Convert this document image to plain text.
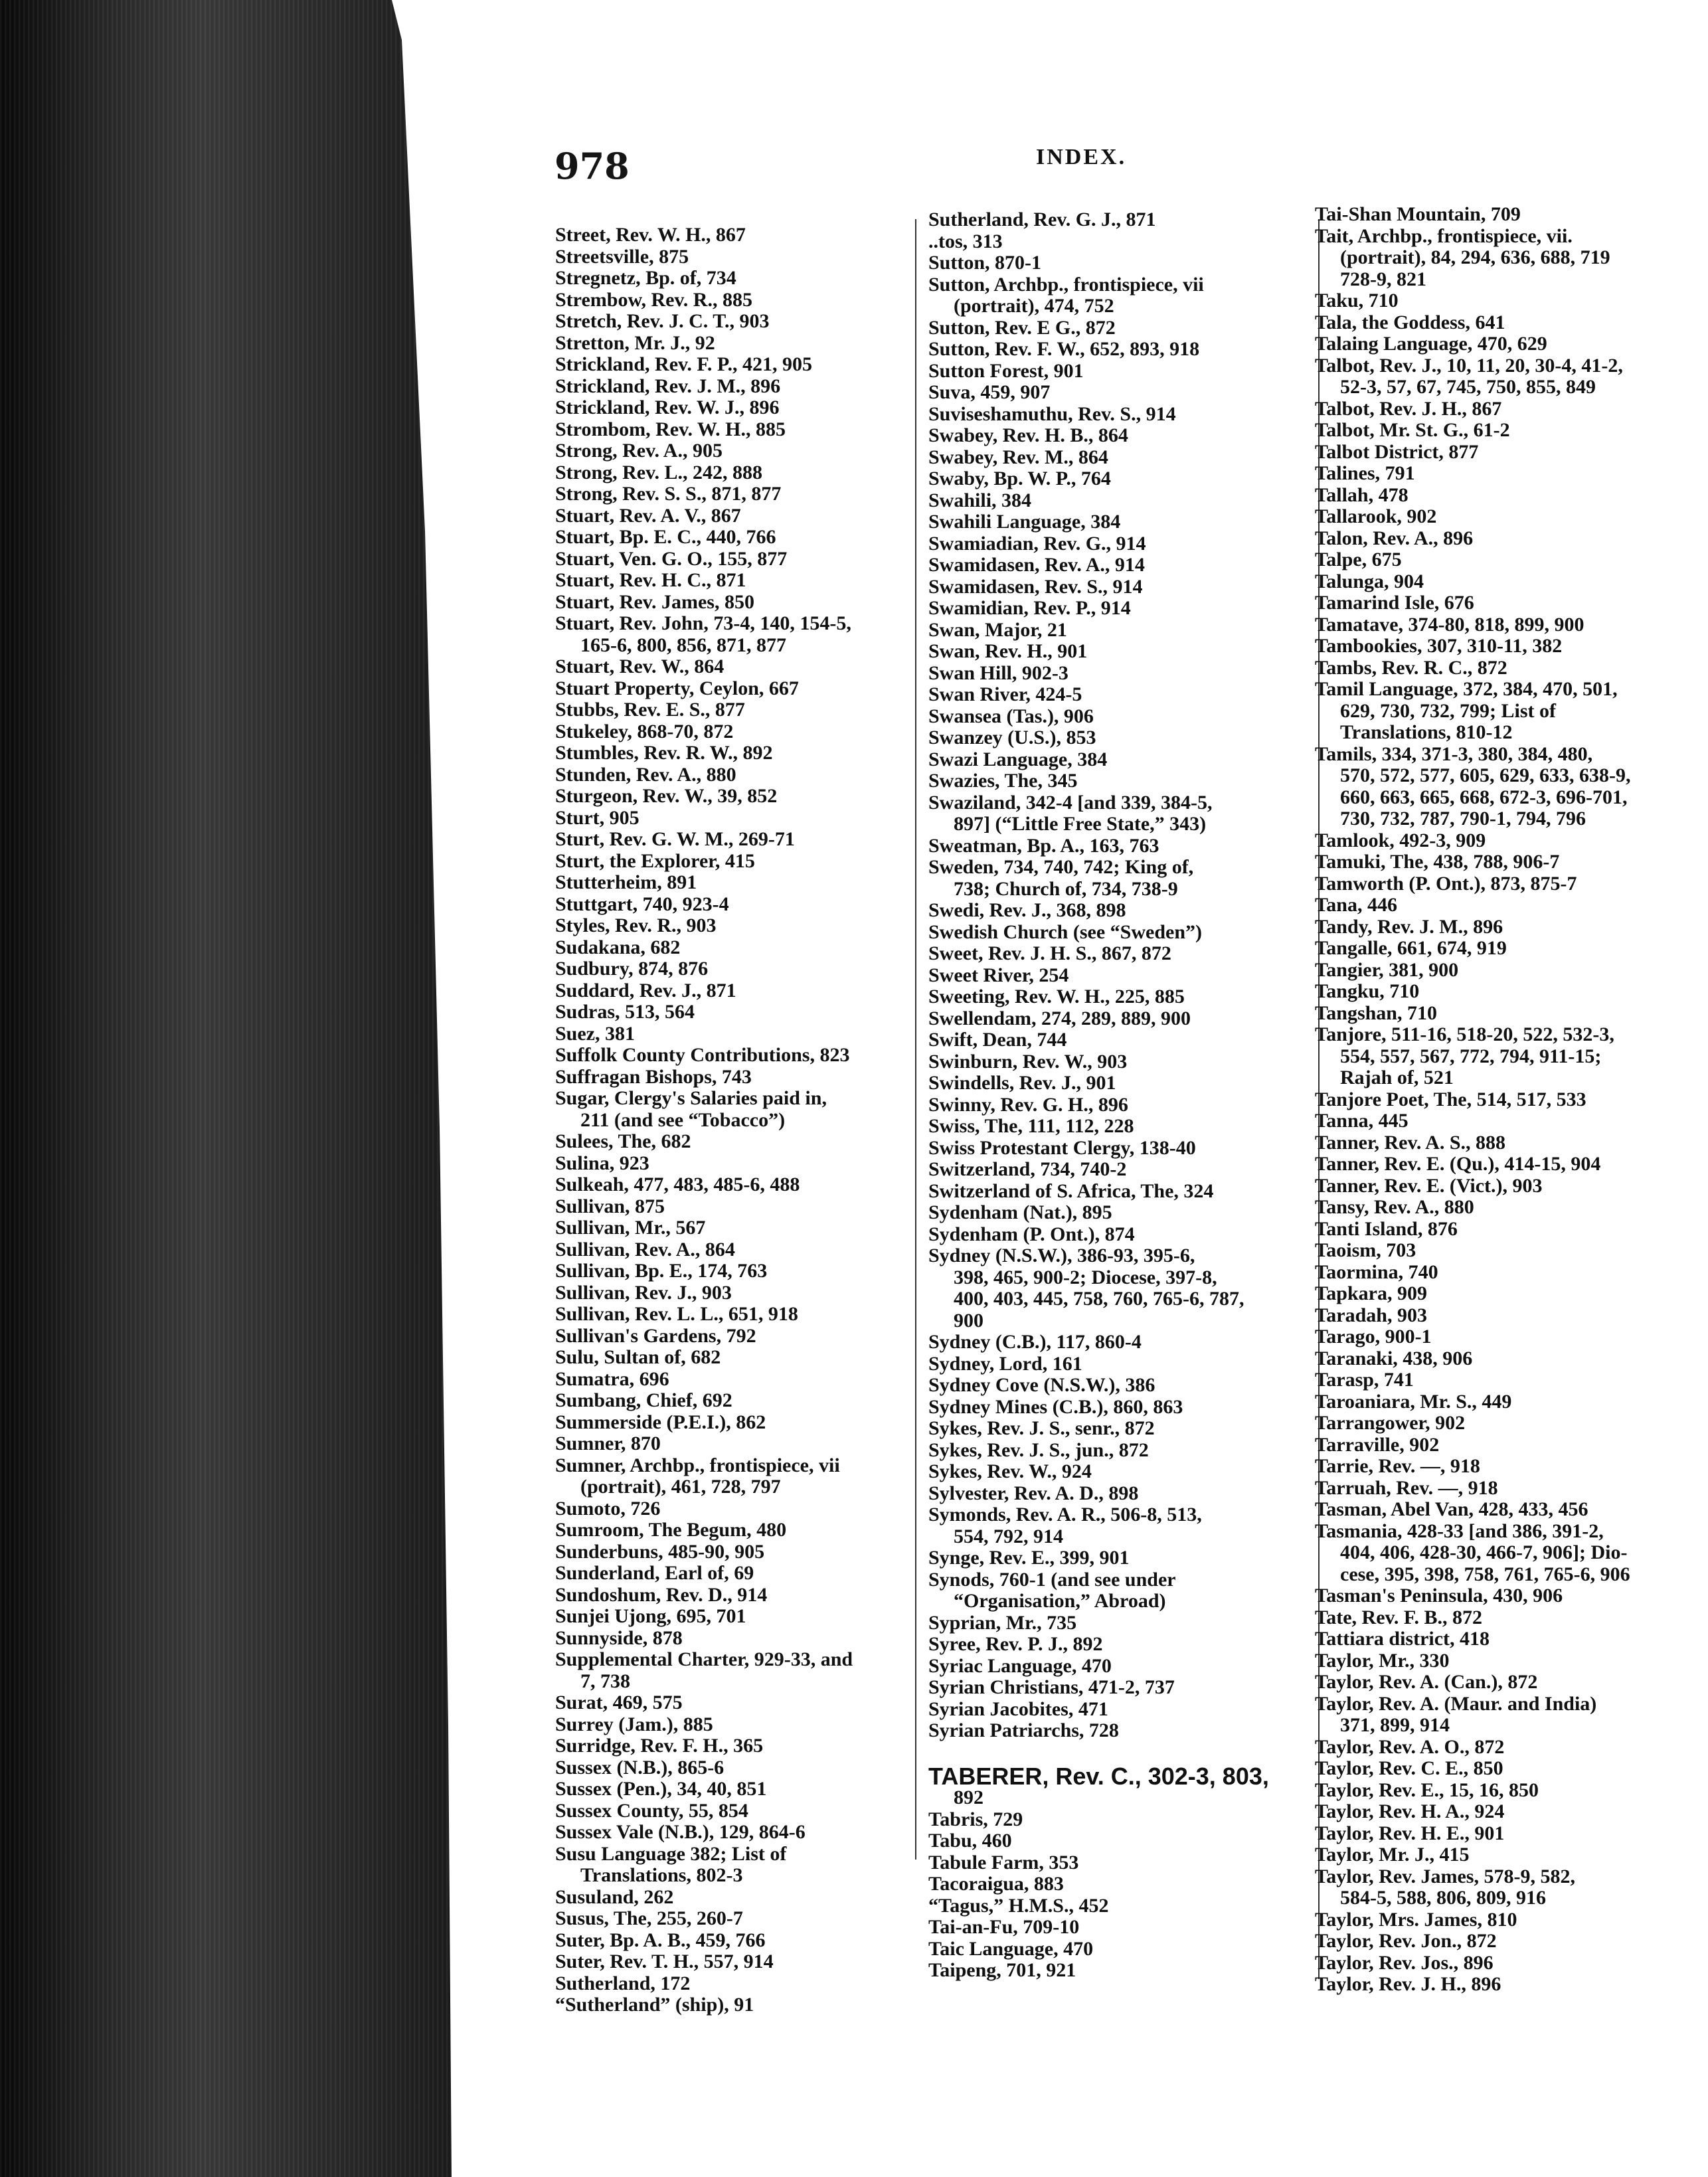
978	INDEX.
Street, Rev. W. H., 867
Streetsville, 875
Stregnetz, Bp. of, 734
Strembow, Rev. R., 885
Stretch, Rev. J. C. T., 903
Stretton, Mr. J., 92
Strickland, Rev. F. P., 421, 905
Strickland, Rev. J. M., 896
Strickland, Rev. W. J., 896
Strombom, Rev. W. H., 885
Strong, Rev. A., 905
Strong, Rev. L., 242, 888
Strong, Rev. S. S., 871, 877
Stuart, Rev. A. V., 867
Stuart, Bp. E. C., 440, 766
Stuart, Ven. G. O., 155, 877
Stuart, Rev. H. C., 871
Stuart, Rev. James, 850
Stuart, Rev. John, 73-4, 140, 154-5,
165-6, 800, 856, 871, 877
Stuart, Rev. W., 864
Stuart Property, Ceylon, 667
Stubbs, Rev. E. S., 877
Stukeley, 868-70, 872
Stumbles, Rev. R. W., 892
Stunden, Rev. A., 880
Sturgeon, Rev. W., 39, 852
Sturt, 905
Sturt, Rev. G. W. M., 269-71
Sturt, the Explorer, 415
Stutterheim, 891
Stuttgart, 740, 923-4
Styles, Rev. R., 903
Sudakana, 682
Sudbury, 874, 876
Suddard, Rev. J., 871
Sudras, 513, 564
Suez, 381
Suffolk County Contributions, 823
Suffragan Bishops, 743
Sugar, Clergy's Salaries paid in,
211 (and see “Tobacco”)
Sulees, The, 682
Sulina, 923
Sulkeah, 477, 483, 485-6, 488
Sullivan, 875
Sullivan, Mr., 567
Sullivan, Rev. A., 864
Sullivan, Bp. E., 174, 763
Sullivan, Rev. J., 903
Sullivan, Rev. L. L., 651, 918
Sullivan's Gardens, 792
Sulu, Sultan of, 682
Sumatra, 696
Sumbang, Chief, 692
Summerside (P.E.I.), 862
Sumner, 870
Sumner, Archbp., frontispiece, vii
(portrait), 461, 728, 797
Sumoto, 726
Sumroom, The Begum, 480
Sunderbuns, 485-90, 905
Sunderland, Earl of, 69
Sundoshum, Rev. D., 914
Sunjei Ujong, 695, 701
Sunnyside, 878
Supplemental Charter, 929-33, and
7, 738
Surat, 469, 575
Surrey (Jam.), 885
Surridge, Rev. F. H., 365
Sussex (N.B.), 865-6
Sussex (Pen.), 34, 40, 851
Sussex County, 55, 854
Sussex Vale (N.B.), 129, 864-6
Susu Language 382; List of
Translations, 802-3
Susuland, 262
Susus, The, 255, 260-7
Suter, Bp. A. B., 459, 766
Suter, Rev. T. H., 557, 914
Sutherland, 172
“Sutherland” (ship), 91
Sutherland, Rev. G. J., 871
..tos, 313
Sutton, 870-1
Sutton, Archbp., frontispiece, vii
(portrait), 474, 752
Sutton, Rev. E G., 872
Sutton, Rev. F. W., 652, 893, 918
Sutton Forest, 901
Suva, 459, 907
Suviseshamuthu, Rev. S., 914
Swabey, Rev. H. B., 864
Swabey, Rev. M., 864
Swaby, Bp. W. P., 764
Swahili, 384
Swahili Language, 384
Swamiadian, Rev. G., 914
Swamidasen, Rev. A., 914
Swamidasen, Rev. S., 914
Swamidian, Rev. P., 914
Swan, Major, 21
Swan, Rev. H., 901
Swan Hill, 902-3
Swan River, 424-5
Swansea (Tas.), 906
Swanzey (U.S.), 853
Swazi Language, 384
Swazies, The, 345
Swaziland, 342-4 [and 339, 384-5,
897] (“Little Free State,” 343)
Sweatman, Bp. A., 163, 763
Sweden, 734, 740, 742; King of,
738; Church of, 734, 738-9
Swedi, Rev. J., 368, 898
Swedish Church (see “Sweden”)
Sweet, Rev. J. H. S., 867, 872
Sweet River, 254
Sweeting, Rev. W. H., 225, 885
Swellendam, 274, 289, 889, 900
Swift, Dean, 744
Swinburn, Rev. W., 903
Swindells, Rev. J., 901
Swinny, Rev. G. H., 896
Swiss, The, 111, 112, 228
Swiss Protestant Clergy, 138-40
Switzerland, 734, 740-2
Switzerland of S. Africa, The, 324
Sydenham (Nat.), 895
Sydenham (P. Ont.), 874
Sydney (N.S.W.), 386-93, 395-6,
398, 465, 900-2; Diocese, 397-8,
400, 403, 445, 758, 760, 765-6, 787,
900
Sydney (C.B.), 117, 860-4
Sydney, Lord, 161
Sydney Cove (N.S.W.), 386
Sydney Mines (C.B.), 860, 863
Sykes, Rev. J. S., senr., 872
Sykes, Rev. J. S., jun., 872
Sykes, Rev. W., 924
Sylvester, Rev. A. D., 898
Symonds, Rev. A. R., 506-8, 513,
554, 792, 914
Synge, Rev. E., 399, 901
Synods, 760-1 (and see under
“Organisation,” Abroad)
Syprian, Mr., 735
Syree, Rev. P. J., 892
Syriac Language, 470
Syrian Christians, 471-2, 737
Syrian Jacobites, 471
Syrian Patriarchs, 728
TABERER, Rev. C., 302-3, 803,
892
Tabris, 729
Tabu, 460
Tabule Farm, 353
Tacoraigua, 883
“Tagus,” H.M.S., 452
Tai-an-Fu, 709-10
Taic Language, 470
Taipeng, 701, 921
Tai-Shan Mountain, 709
Tait, Archbp., frontispiece, vii.
(portrait), 84, 294, 636, 688, 719
728-9, 821
Taku, 710
Tala, the Goddess, 641
Talaing Language, 470, 629
Talbot, Rev. J., 10, 11, 20, 30-4, 41-2,
52-3, 57, 67, 745, 750, 855, 849
Talbot, Rev. J. H., 867
Talbot, Mr. St. G., 61-2
Talbot District, 877
Talines, 791
Tallah, 478
Tallarook, 902
Talon, Rev. A., 896
Talpe, 675
Talunga, 904
Tamarind Isle, 676
Tamatave, 374-80, 818, 899, 900
Tambookies, 307, 310-11, 382
Tambs, Rev. R. C., 872
Tamil Language, 372, 384, 470, 501,
629, 730, 732, 799; List of
Translations, 810-12
Tamils, 334, 371-3, 380, 384, 480,
570, 572, 577, 605, 629, 633, 638-9,
660, 663, 665, 668, 672-3, 696-701,
730, 732, 787, 790-1, 794, 796
Tamlook, 492-3, 909
Tamuki, The, 438, 788, 906-7
Tamworth (P. Ont.), 873, 875-7
Tana, 446
Tandy, Rev. J. M., 896
Tangalle, 661, 674, 919
Tangier, 381, 900
Tangku, 710
Tangshan, 710
Tanjore, 511-16, 518-20, 522, 532-3,
554, 557, 567, 772, 794, 911-15;
Rajah of, 521
Tanjore Poet, The, 514, 517, 533
Tanna, 445
Tanner, Rev. A. S., 888
Tanner, Rev. E. (Qu.), 414-15, 904
Tanner, Rev. E. (Vict.), 903
Tansy, Rev. A., 880
Tanti Island, 876
Taoism, 703
Taormina, 740
Tapkara, 909
Taradah, 903
Tarago, 900-1
Taranaki, 438, 906
Tarasp, 741
Taroaniara, Mr. S., 449
Tarrangower, 902
Tarraville, 902
Tarrie, Rev. —, 918
Tarruah, Rev. —, 918
Tasman, Abel Van, 428, 433, 456
Tasmania, 428-33 [and 386, 391-2,
404, 406, 428-30, 466-7, 906]; Dio-
cese, 395, 398, 758, 761, 765-6, 906
Tasman's Peninsula, 430, 906
Tate, Rev. F. B., 872
Tattiara district, 418
Taylor, Mr., 330
Taylor, Rev. A. (Can.), 872
Taylor, Rev. A. (Maur. and India)
371, 899, 914
Taylor, Rev. A. O., 872
Taylor, Rev. C. E., 850
Taylor, Rev. E., 15, 16, 850
Taylor, Rev. H. A., 924
Taylor, Rev. H. E., 901
Taylor, Mr. J., 415
Taylor, Rev. James, 578-9, 582,
584-5, 588, 806, 809, 916
Taylor, Mrs. James, 810
Taylor, Rev. Jon., 872
Taylor, Rev. Jos., 896
Taylor, Rev. J. H., 896
